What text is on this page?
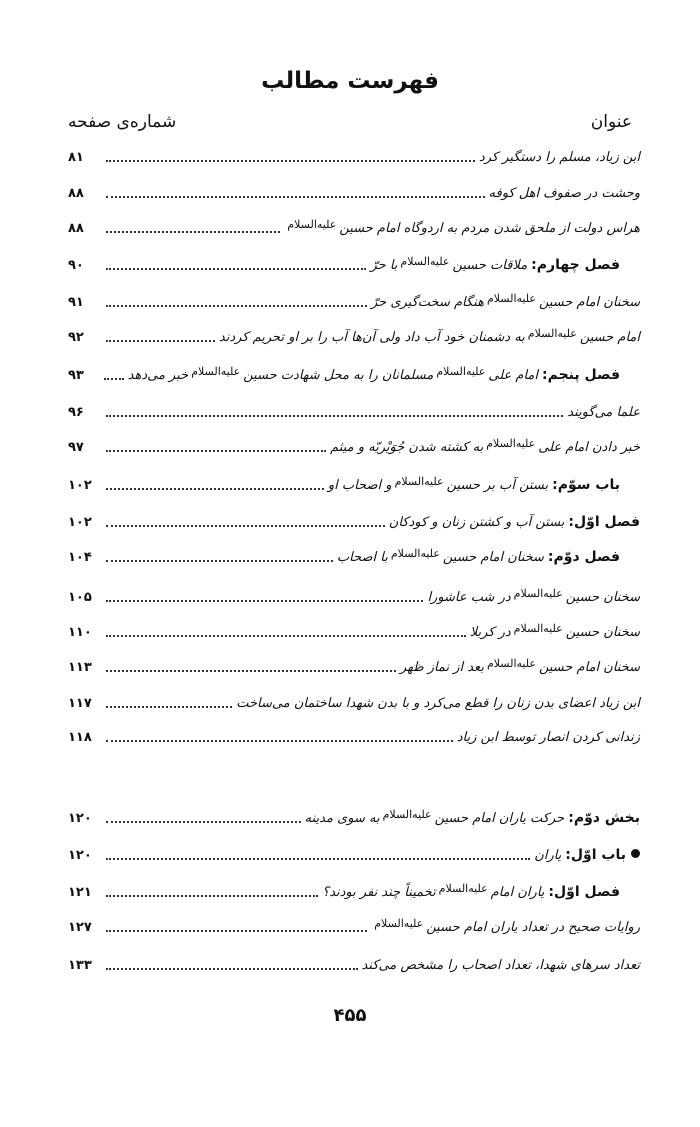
فهرست مطالب
عنوان
شماره‌ی صفحه
ابن زیاد، مسلم را دستگیر کرد
۸۱
وحشت در صفوف اهل کوفه
۸۸
هراس دولت از ملحق شدن مردم به اردوگاه امام حسینعلیه‌السلام
۸۸
فصل چهارم:ملاقات حسینعلیه‌السلامبا حرّ
۹۰
سخنان امام حسینعلیه‌السلامهنگام سخت‌گیری حرّ
۹۱
امام حسینعلیه‌السلامبه دشمنان خود آب داد ولی آن‌ها آب را بر او تحریم کردند
۹۲
فصل پنجم:امام علیعلیه‌السلاممسلمانان را به محل شهادت حسینعلیه‌السلامخبر می‌دهد
۹۳
علما می‌گویند
۹۶
خبر دادن امام علیعلیه‌السلامبه کشته شدن جُوَیْریّه و میثم
۹۷
باب سوّم:بستن آب بر حسینعلیه‌السلامو اصحاب او
۱۰۲
فصل اوّل:بستن آب و کشتن زنان و کودکان
۱۰۲
فصل دوّم:سخنان امام حسینعلیه‌السلامبا اصحاب
۱۰۴
سخنان حسینعلیه‌السلامدر شب عاشورا
۱۰۵
سخنان حسینعلیه‌السلامدر کربلا
۱۱۰
سخنان امام حسینعلیه‌السلامبعد از نماز ظهر
۱۱۳
ابن زیاد اعضای بدن زنان را قطع می‌کرد و با بدن شهدا ساختمان می‌ساخت
۱۱۷
زندانی کردن انصار توسط ابن زیاد
۱۱۸
بخش دوّم:حرکت یاران امام حسینعلیه‌السلامبه سوی مدینه
۱۲۰
باب اوّل:یاران
۱۲۰
فصل اوّل:یاران امامعلیه‌السلامتخمیناً چند نفر بودند؟
۱۲۱
روایات صحیح در تعداد یاران امام حسینعلیه‌السلام
۱۲۷
تعداد سرهای شهدا، تعداد اصحاب را مشخص می‌کند
۱۳۳
۴۵۵
